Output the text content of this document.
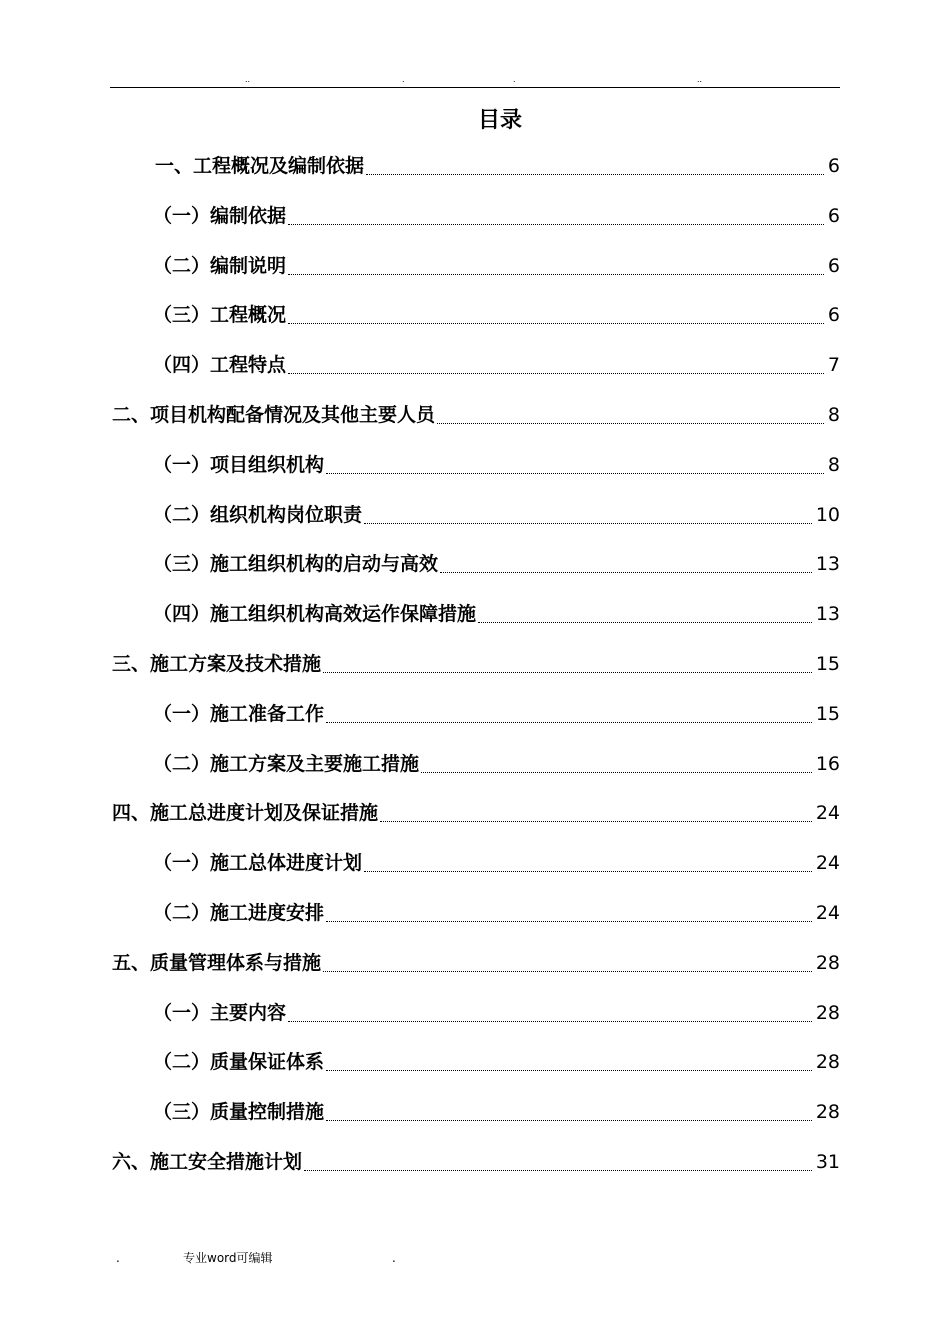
..	.	.	..
目录
一、工程概况及编制依据	6
（一）编制依据	6
（二）编制说明	6
（三）工程概况	6
（四）工程特点	7
二、项目机构配备情况及其他主要人员	8
（一）项目组织机构	8
（二）组织机构岗位职责	10
（三）施工组织机构的启动与高效	13
（四）施工组织机构高效运作保障措施	13
三、施工方案及技术措施	15
（一）施工准备工作	15
（二）施工方案及主要施工措施	16
四、施工总进度计划及保证措施	24
（一）施工总体进度计划	24
（二）施工进度安排	24
五、质量管理体系与措施	28
（一）主要内容	28
（二）质量保证体系	28
（三）质量控制措施	28
六、施工安全措施计划	31
.	专业word可编辑	.
